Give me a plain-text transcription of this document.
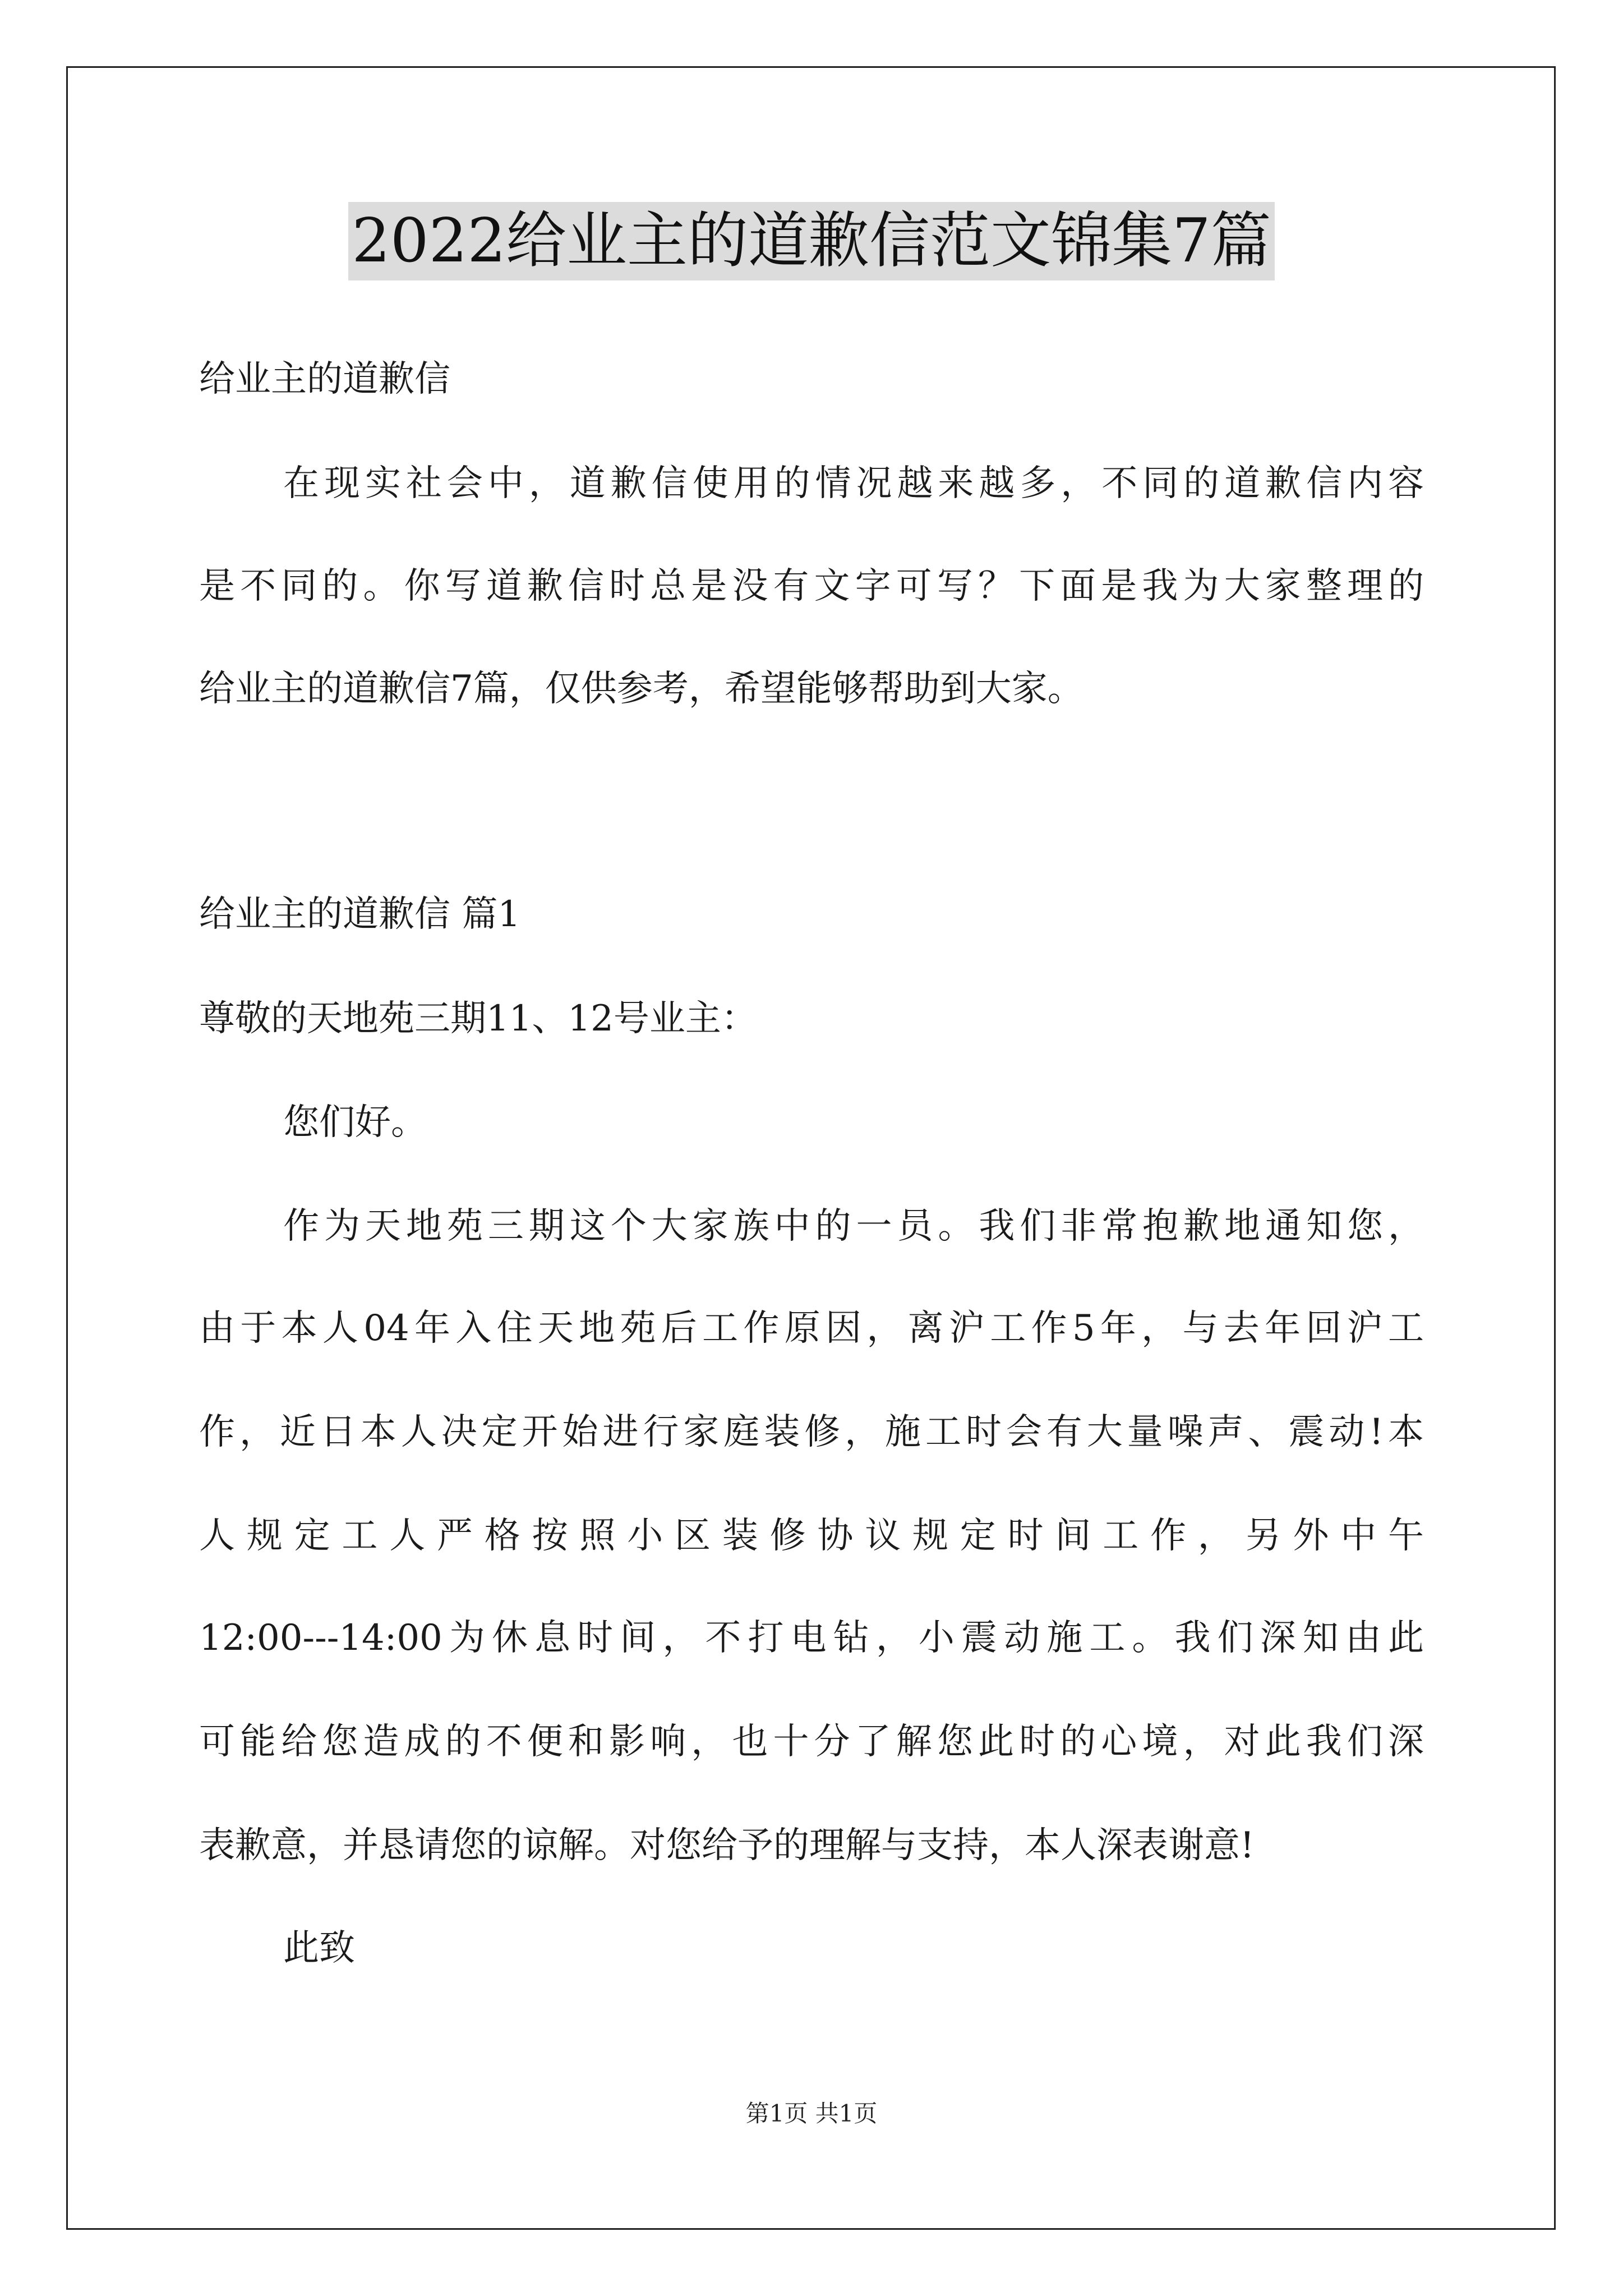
2022给业主的道歉信范文锦集7篇
给业主的道歉信
在现实社会中，道歉信使用的情况越来越多，不同的道歉信内容
是不同的。你写道歉信时总是没有文字可写？下面是我为大家整理的
给业主的道歉信7篇，仅供参考，希望能够帮助到大家。
给业主的道歉信 篇1
尊敬的天地苑三期11、12号业主：
您们好。
作为天地苑三期这个大家族中的一员。我们非常抱歉地通知您，
由于本人04年入住天地苑后工作原因，离沪工作5年，与去年回沪工
作，近日本人决定开始进行家庭装修，施工时会有大量噪声、震动!本
人规定工人严格按照小区装修协议规定时间工作，另外中午
12:00---14:00为休息时间，不打电钻，小震动施工。我们深知由此
可能给您造成的不便和影响，也十分了解您此时的心境，对此我们深
表歉意，并恳请您的谅解。对您给予的理解与支持，本人深表谢意!
此致
第1页 共1页
